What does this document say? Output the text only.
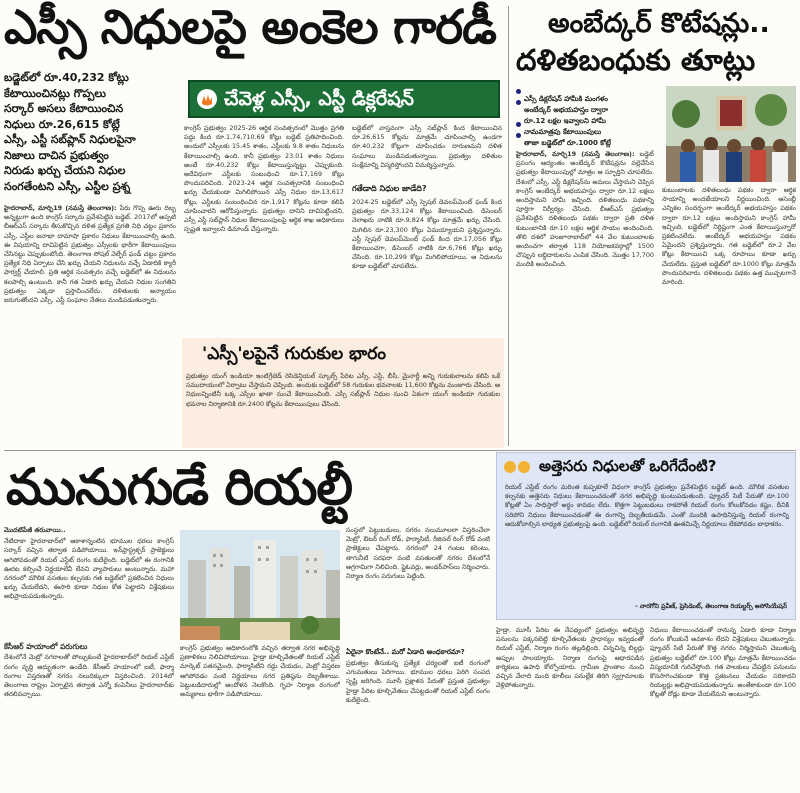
ఎస్సీ నిధులపై అంకెల గారడీ
బడ్జెట్‌లో రూ.40,232 కోట్లు
కేటాయించినట్లు గొప్పలు
సర్కార్ అసలు కేటాయించిన
నిధులు రూ.26,615 కోట్లే
ఎస్సీ, ఎస్టీ సబ్‌ప్లాన్ నిధులపైనా
నిజాలు దాచిన ప్రభుత్వం
నిరుడు ఖర్చు చేయని నిధుల
సంగతేంటని ఎస్సీ, ఎస్టీల ప్రశ్న
చేవెళ్ల ఎస్సీ, ఎస్టీ డిక్లరేషన్
హైదరాబాద్, మార్చి19 (నమస్తే తెలంగాణ): పేరు గొప్ప ఊరు దిబ్బ అన్నట్టుగా ఉంది కాంగ్రెస్ సర్కారు ప్రవేశపెట్టిన బడ్జెట్. 2017లో అప్పటి బీఆర్‌ఎస్ సర్కారు తీసుకొచ్చిన దళిత ప్రత్యేక ప్రగతి నిధి చట్టం ప్రకారం ఎస్సీ, ఎస్టీల జనాభా దామాషా ప్రకారం నిధులు కేటాయించాల్సి ఉంది. ఈ విషయాన్ని దాచిపెట్టిన ప్రభుత్వం ఎస్సీలకు భారీగా కేటాయింపులు చేసినట్టు చెప్పుకుంటోంది. తెలంగాణ సోషల్ వెల్ఫేర్ ఫండ్ చట్టం ప్రకారం ప్రత్యేక నిధి ఏర్పాటు చేసి ఖర్చు చేయని నిధులను వచ్చే ఏడాదికి క్యారీ ఫార్వర్డ్ చేయాలి. ప్రతి ఆర్థిక సంవత్సరం వచ్చే బడ్జెట్‌లో ఈ నిధులను కలపాల్సి ఉంటుంది. కానీ గత ఏడాది ఖర్చు చేయని నిధుల సంగతిని ప్రభుత్వం ఎక్కడా ప్రస్తావించలేదు. దళితులకు అన్యాయం జరుగుతోందని ఎస్సీ, ఎస్టీ సంఘాల నేతలు మండిపడుతున్నారు.
కాంగ్రెస్ ప్రభుత్వం 2025-26 ఆర్థిక సంవత్సరంలో మొత్తం ప్రగతి పద్దు కింద రూ.1,74,710.69 కోట్లు బడ్జెట్ ప్రతిపాదించింది. అందులో ఎస్సీలకు 15.45 శాతం, ఎస్టీలకు 9.8 శాతం నిధులను కేటాయించాల్సి ఉంది. కానీ ప్రభుత్వం 23.01 శాతం నిధులు అంటే రూ.40,232 కోట్లు కేటాయిస్తున్నట్టు చెప్పుకుంది. అదేవిధంగా ఎస్టీలకు సంబంధించి రూ.17,169 కోట్లు పొందుపరిచింది. 2023-24 ఆర్థిక సంవత్సరానికి సంబంధించి ఖర్చు చేయకుండా మిగిలిపోయిన ఎస్సీ నిధుల రూ.13,617 కోట్లు, ఎస్టీలకు సంబంధించిన రూ.1,917 కోట్లను కూడా కలిపి చూపించారని ఆరోపిస్తున్నారు. ప్రభుత్వం దానిని దాచిపెట్టిందని, ఎస్సీ ఎస్టీ సబ్‌ప్లాన్ నిధుల కేటాయింపులపై ఆర్థిక శాఖ అధికారులు స్పష్టత ఇవ్వాలని డిమాండ్ చేస్తున్నారు.
బడ్జెట్‌లో వాస్తవంగా ఎస్సీ సబ్‌ప్లాన్ కింద కేటాయించిన రూ.26,615 కోట్లను మాత్రమే చూపించాల్సి ఉండగా రూ.40,232 కోట్లుగా చూపించడం దారుణమని దళిత సంఘాలు మండిపడుతున్నాయి. ప్రభుత్వం దళితుల సంక్షేమాన్ని విస్మరిస్తోందని విమర్శిస్తున్నారు.
గతేడాది నిధుల జాడేది?
2024-25 బడ్జెట్‌లో ఎస్సీ స్పెషల్ డెవలప్‌మెంట్ ఫండ్ కింద ప్రభుత్వం రూ.33,124 కోట్లు కేటాయించింది. డిసెంబర్ నెలాఖరు నాటికి రూ.9,824 కోట్లు మాత్రమే ఖర్చు చేసింది. మిగిలిన రూ.23,300 కోట్లు ఏమయ్యాయని ప్రశ్నిస్తున్నారు. ఎస్టీ స్పెషల్ డెవలప్‌మెంట్ ఫండ్ కింద రూ.17,056 కోట్లు కేటాయించగా, డిసెంబర్ నాటికి రూ.6,766 కోట్లు ఖర్చు చేసింది. రూ.10,299 కోట్లు మిగిలిపోయాయి. ఆ నిధులను కూడా బడ్జెట్‌లో చూపలేదు.
'ఎస్సీ'లపైనే గురుకుల భారం
ప్రభుత్వం యంగ్ ఇండియా ఇంటిగ్రేటెడ్ రెసిడెన్షియల్ స్కూల్స్ పేరిట ఎస్సీ, ఎస్టీ, బీసీ, మైనార్టీ అన్ని గురుకులాలను కలిపి ఒకే సముదాయంలో ఏర్పాటు చేస్తామని చెప్పింది. అందుకు బడ్జెట్‌లో 58 గురుకుల భవనాలకు 11,600 కోట్లను మంజూరు చేసింది. ఆ నిధులన్నింటినీ ఒక్క ఎస్సీల ఖాతా నుంచే కేటాయించింది. ఎస్సీ సబ్‌ప్లాన్ నిధుల నుంచి ఏకంగా యంగ్ ఇండియా గురుకుల భవనాల నిర్మాణానికి రూ.2400 కోట్లను కేటాయింపులు చేసింది.
అంబేద్కర్ కొటేషన్లు..
దళితబంధుకు తూట్లు
ఎస్సీ డిక్లరేషన్ హామీకి మంగళం
అంబేద్కర్ అభయహస్తం ద్వారా
రూ.12 లక్షల ఇవ్వాలని హామీ
నామమాత్రపు కేటాయింపులు
తాజా బడ్జెట్‌లో రూ.1000 కోట్లే
హైదరాబాద్, మార్చి19 (నమస్తే తెలంగాణ): బడ్జెట్ ప్రసంగం ఆద్యంతం అంబేద్కర్ కొటేషన్లను వల్లెవేసిన ప్రభుత్వం కేటాయింపుల్లో మాత్రం ఆ స్ఫూర్తిని చూపలేదు. దేశంలో ఎస్సీ, ఎస్టీ డిక్లరేషన్‌ను అమలు చేస్తామని చెప్పిన కాంగ్రెస్ అంబేద్కర్ అభయహస్తం ద్వారా రూ.12 లక్షలు అందిస్తామని హామీ ఇచ్చింది. దళితబంధు పథకాన్ని పూర్తిగా నిర్వీర్యం చేసింది. బీఆర్‌ఎస్ ప్రభుత్వం ప్రవేశపెట్టిన దళితబంధు పథకం ద్వారా ప్రతి దళిత కుటుంబానికి రూ.10 లక్షల ఆర్థిక సాయం అందించింది. తొలి దశలో హుజూరాబాద్‌లో 44 వేల కుటుంబాలకు అందించగా తర్వాత 118 నియోజకవర్గాల్లో 1500 చొప్పున లబ్ధిదారులను ఎంపిక చేసింది. మొత్తం 17,700 మందికి అందించింది.
కుటుంబాలకు దళితబంధు పథకం ద్వారా ఆర్థిక సాయాన్ని అందజేయాలని నిర్ణయించింది. అసెంబ్లీ ఎన్నికల సందర్భంగా అంబేద్కర్ అభయహస్తం పథకం ద్వారా రూ.12 లక్షలు అందిస్తామని కాంగ్రెస్ హామీ ఇచ్చింది. బడ్జెట్‌లో నిర్దిష్టంగా ఎంత కేటాయిస్తున్నారో ప్రకటించలేదు. అంబేద్కర్ అభయహస్తం పథకం ఏమైందని ప్రశ్నిస్తున్నారు. గత బడ్జెట్‌లో రూ.2 వేల కోట్లు కేటాయించి ఒక్క రూపాయి కూడా ఖర్చు చేయలేదు. ప్రస్తుత బడ్జెట్‌లో రూ.1000 కోట్లు మాత్రమే పొందుపరిచారు. దళితబంధు పథకం ఉత్త ముచ్చటగానే మారింది.
మునుగుడే రియల్టీ
మొదటిపేజీ తరువాయి..
నేటిదాకా హైదరాబాద్‌లో ఆకాశాన్నంటిన భూముల ధరలు కాంగ్రెస్ సర్కార్ వచ్చిన తర్వాత పడిపోయాయి. ఇన్‌ఫ్రాస్ట్రక్చర్ ప్రాజెక్టులు ఆగిపోవడంతో రియల్ ఎస్టేట్ రంగం కుదేలైంది. బడ్జెట్‌లో ఈ రంగానికి ఊరట కల్పించే నిర్ణయాలేవీ లేవని వ్యాపారులు అంటున్నారు. మహా నగరంలో మౌలిక వసతుల కల్పనకు గత బడ్జెట్‌లో ప్రకటించిన నిధులు ఖర్చు చేయలేదని, ఈసారి కూడా నిధుల కోత పెట్టారని విశ్లేషకులు అభిప్రాయపడుతున్నారు.
కేసీఆర్ హయాంలో పరుగులు
దేశంలోనే మెట్రో నగరాలతో పోల్చుకుంటే హైదరాబాద్‌లో రియల్ ఎస్టేట్ రంగం వృద్ధి అద్భుతంగా ఉండేది. కేసీఆర్ హయాంలో ఐటీ, ఫార్మా రంగాల విస్తరణతో నగరం నలుదిక్కులా విస్తరించింది. 2014లో తెలంగాణ రాష్ట్రం ఏర్పాటైన తర్వాత ఎన్నో కంపెనీలు హైదరాబాద్‌కు తరలివచ్చాయి.
సంస్థలో పెట్టుబడులు, నగరం నలుమూలలా విస్తరించేలా మెట్రో, ఔటర్ రింగ్ రోడ్, ఫార్మాసిటీ, రీజినల్ రింగ్ రోడ్ వంటి ప్రాజెక్టులు చేపట్టారు. నగరంలో 24 గంటల కరెంటు, తాగునీటి సరఫరా వంటి వసతులతో నగరం దేశంలోనే అగ్రగామిగా నిలిచింది. ఫ్లైఓవర్లు, అండర్‌పాస్‌లు నిర్మించారు. నిర్మాణ రంగం పరుగులు పెట్టింది.
ఏదైనా కొంటేనే.. మరో ఏడాది అంధకారమా?
ప్రభుత్వం తీసుకున్న ప్రత్యేక చర్యలతో ఐటీ రంగంలో ఎగుమతులు పెరిగాయి. భూముల ధరలు పెరిగి సంపద సృష్టి జరిగింది. మూసీ ప్రక్షాళన పేరుతో ప్రస్తుత ప్రభుత్వం హైడ్రా పేరిట కూల్చివేతలు చేపట్టడంతో రియల్ ఎస్టేట్ రంగం కుదేలైంది.
కాంగ్రెస్ ప్రభుత్వం అధికారంలోకి వచ్చిన తర్వాత నగర అభివృద్ధి ప్రణాళికలు నిలిచిపోయాయి. హైడ్రా కూల్చివేతలతో రియల్ ఎస్టేట్ మార్కెట్ పతనమైంది. ఫార్మాసిటీని రద్దు చేయడం, మెట్రో విస్తరణ ఆగిపోవడం వంటి నిర్ణయాలు నగర ప్రతిష్ఠను దెబ్బతీశాయి. పెట్టుబడిదారుల్లో ఆందోళన నెలకొంది. గృహ నిర్మాణ రంగంలో అమ్మకాలు భారీగా పడిపోయాయి.
అత్తెసరు నిధులతో ఒరిగేదేంటి?
రియల్ ఎస్టేట్ రంగం మరింత కుప్పకూలే విధంగా కాంగ్రెస్ ప్రభుత్వం ప్రవేశపెట్టిన బడ్జెట్ ఉంది. మౌలిక వసతుల కల్పనకు అత్తెసరు నిధులు కేటాయించడంతో నగర అభివృద్ధి కుంటుపడుతుంది. ఫ్యూచర్ సిటీ పేరుతో రూ.100 కోట్లతో ఏం సాధిస్తారో అర్థం కావడం లేదు. కొత్తగా పెట్టుబడులు రాకపోతే రియల్ రంగం కోలుకోవడం కష్టం. దీనికి సరిపోని నిధులు కేటాయించడంతో ఈ రంగాన్ని దెబ్బతీయడమే. ఎంతో మందికి ఉపాధినిస్తున్న రియల్ రంగాన్ని ఆదుకోవాల్సిన బాధ్యత ప్రభుత్వంపై ఉంది. బడ్జెట్‌లో రియల్ రంగానికి ఊతమిచ్చే నిర్ణయాలు లేకపోవడం బాధాకరం.
- నారగోని ప్రవీణ్, ప్రెసిడెంట్, తెలంగాణ రియల్టర్స్ అసోసియేషన్
హైడ్రా, మూసీ పేరిట ఈ నేపథ్యంలో ప్రభుత్వం అభివృద్ధి పనులను పక్కనబెట్టి కూల్చివేతలకు ప్రాధాన్యం ఇవ్వడంతో రియల్ ఎస్టేట్, నిర్మాణ రంగం తల్లడిల్లింది. చిన్నచిన్న బిల్డర్లు అప్పుల పాలయ్యారు. నిర్మాణ రంగంపై ఆధారపడిన కార్మికులు ఉపాధి కోల్పోయారు. గ్రామీణ ప్రాంతాల నుంచి వచ్చిన వేలాది మంది కూలీలు పనుల్లేక తిరిగి స్వగ్రామాలకు వెళ్లిపోతున్నారు.
నిధులు కేటాయించడంతో రానున్న ఏడాది కూడా నిర్మాణ రంగం కోలుకునే అవకాశం లేదని విశ్లేషకులు చెబుతున్నారు. ఫ్యూచర్ సిటీ పేరుతో కొత్త నగరం నిర్మిస్తామని చెబుతున్న ప్రభుత్వం బడ్జెట్‌లో రూ.100 కోట్లు మాత్రమే కేటాయించడం విస్మయానికి గురిచేస్తోంది. గత పాలకులు చేపట్టిన పనులను కొనసాగించకుండా కొత్త ప్రకటనలు చేయడం సరికాదని రియల్టర్లు అభిప్రాయపడుతున్నారు. అంతేకాకుండా రూ.100 కోట్లతో రోడ్లు కూడా వేయలేమని అంటున్నారు.
